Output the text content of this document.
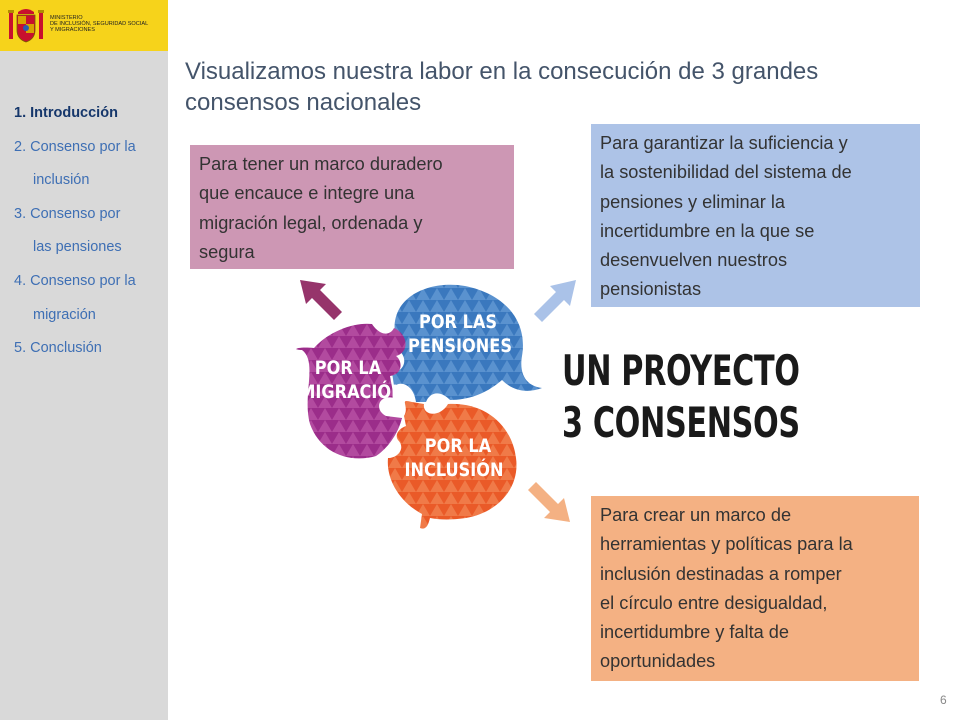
MINISTERIO
DE INCLUSIÓN, SEGURIDAD SOCIAL
Y MIGRACIONES
1. Introducción
2. Consenso por la
inclusión
3. Consenso por
las pensiones
4. Consenso por la
migración
5. Conclusión
Visualizamos nuestra labor en la consecución de 3 grandes
consensos nacionales
Para tener un marco duradero
que encauce e integre una
migración legal, ordenada y
segura
Para garantizar la suficiencia y
la sostenibilidad del sistema de
pensiones y eliminar la
incertidumbre en la que se
desenvuelven nuestros
pensionistas
Para crear un marco de
herramientas y políticas para la
inclusión destinadas a romper
el círculo entre desigualdad,
incertidumbre y falta de
oportunidades
POR LAS
PENSIONES
POR LA
MIGRACIÓN
POR LA
INCLUSIÓN
UN PROYECTO
3 CONSENSOS
6
